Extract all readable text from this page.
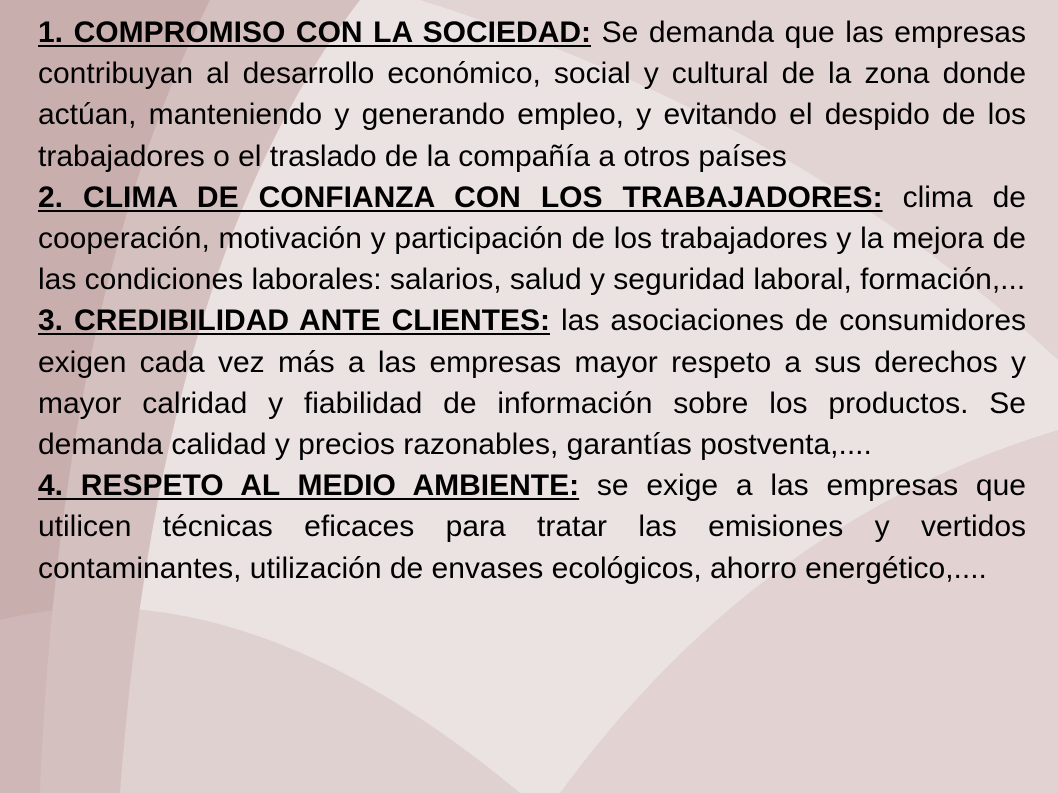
1. COMPROMISO CON LA SOCIEDAD: Se demanda que las empresas contribuyan al desarrollo económico, social y cultural de la zona donde actúan, manteniendo y generando empleo, y evitando el despido de los trabajadores o el traslado de la compañía a otros países

2. CLIMA DE CONFIANZA CON LOS TRABAJADORES: clima de cooperación, motivación y participación de los trabajadores y la mejora de las condiciones laborales: salarios, salud y seguridad laboral, formación,...

3. CREDIBILIDAD ANTE CLIENTES: las asociaciones de consumidores exigen cada vez más a las empresas mayor respeto a sus derechos y mayor calridad y fiabilidad de información sobre los productos. Se demanda calidad y precios razonables, garantías postventa,....

4. RESPETO AL MEDIO AMBIENTE: se exige a las empresas que utilicen técnicas eficaces para tratar las emisiones y vertidos contaminantes, utilización de envases ecológicos, ahorro energético,....
